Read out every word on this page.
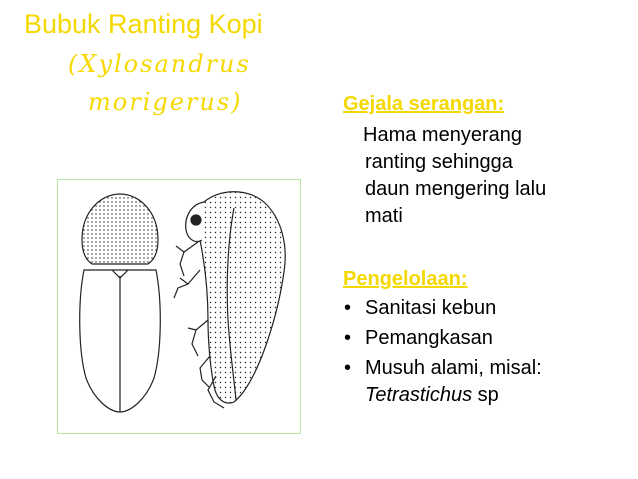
Bubuk Ranting Kopi
(Xylosandrus
morigerus)	Gejala serangan:
Hama menyerang
ranting sehingga
daun mengering lalu
mati
Pengelolaan:
• Sanitasi kebun
• Pemangkasan
• Musuh alami, misal:
Tetrastichus sp
